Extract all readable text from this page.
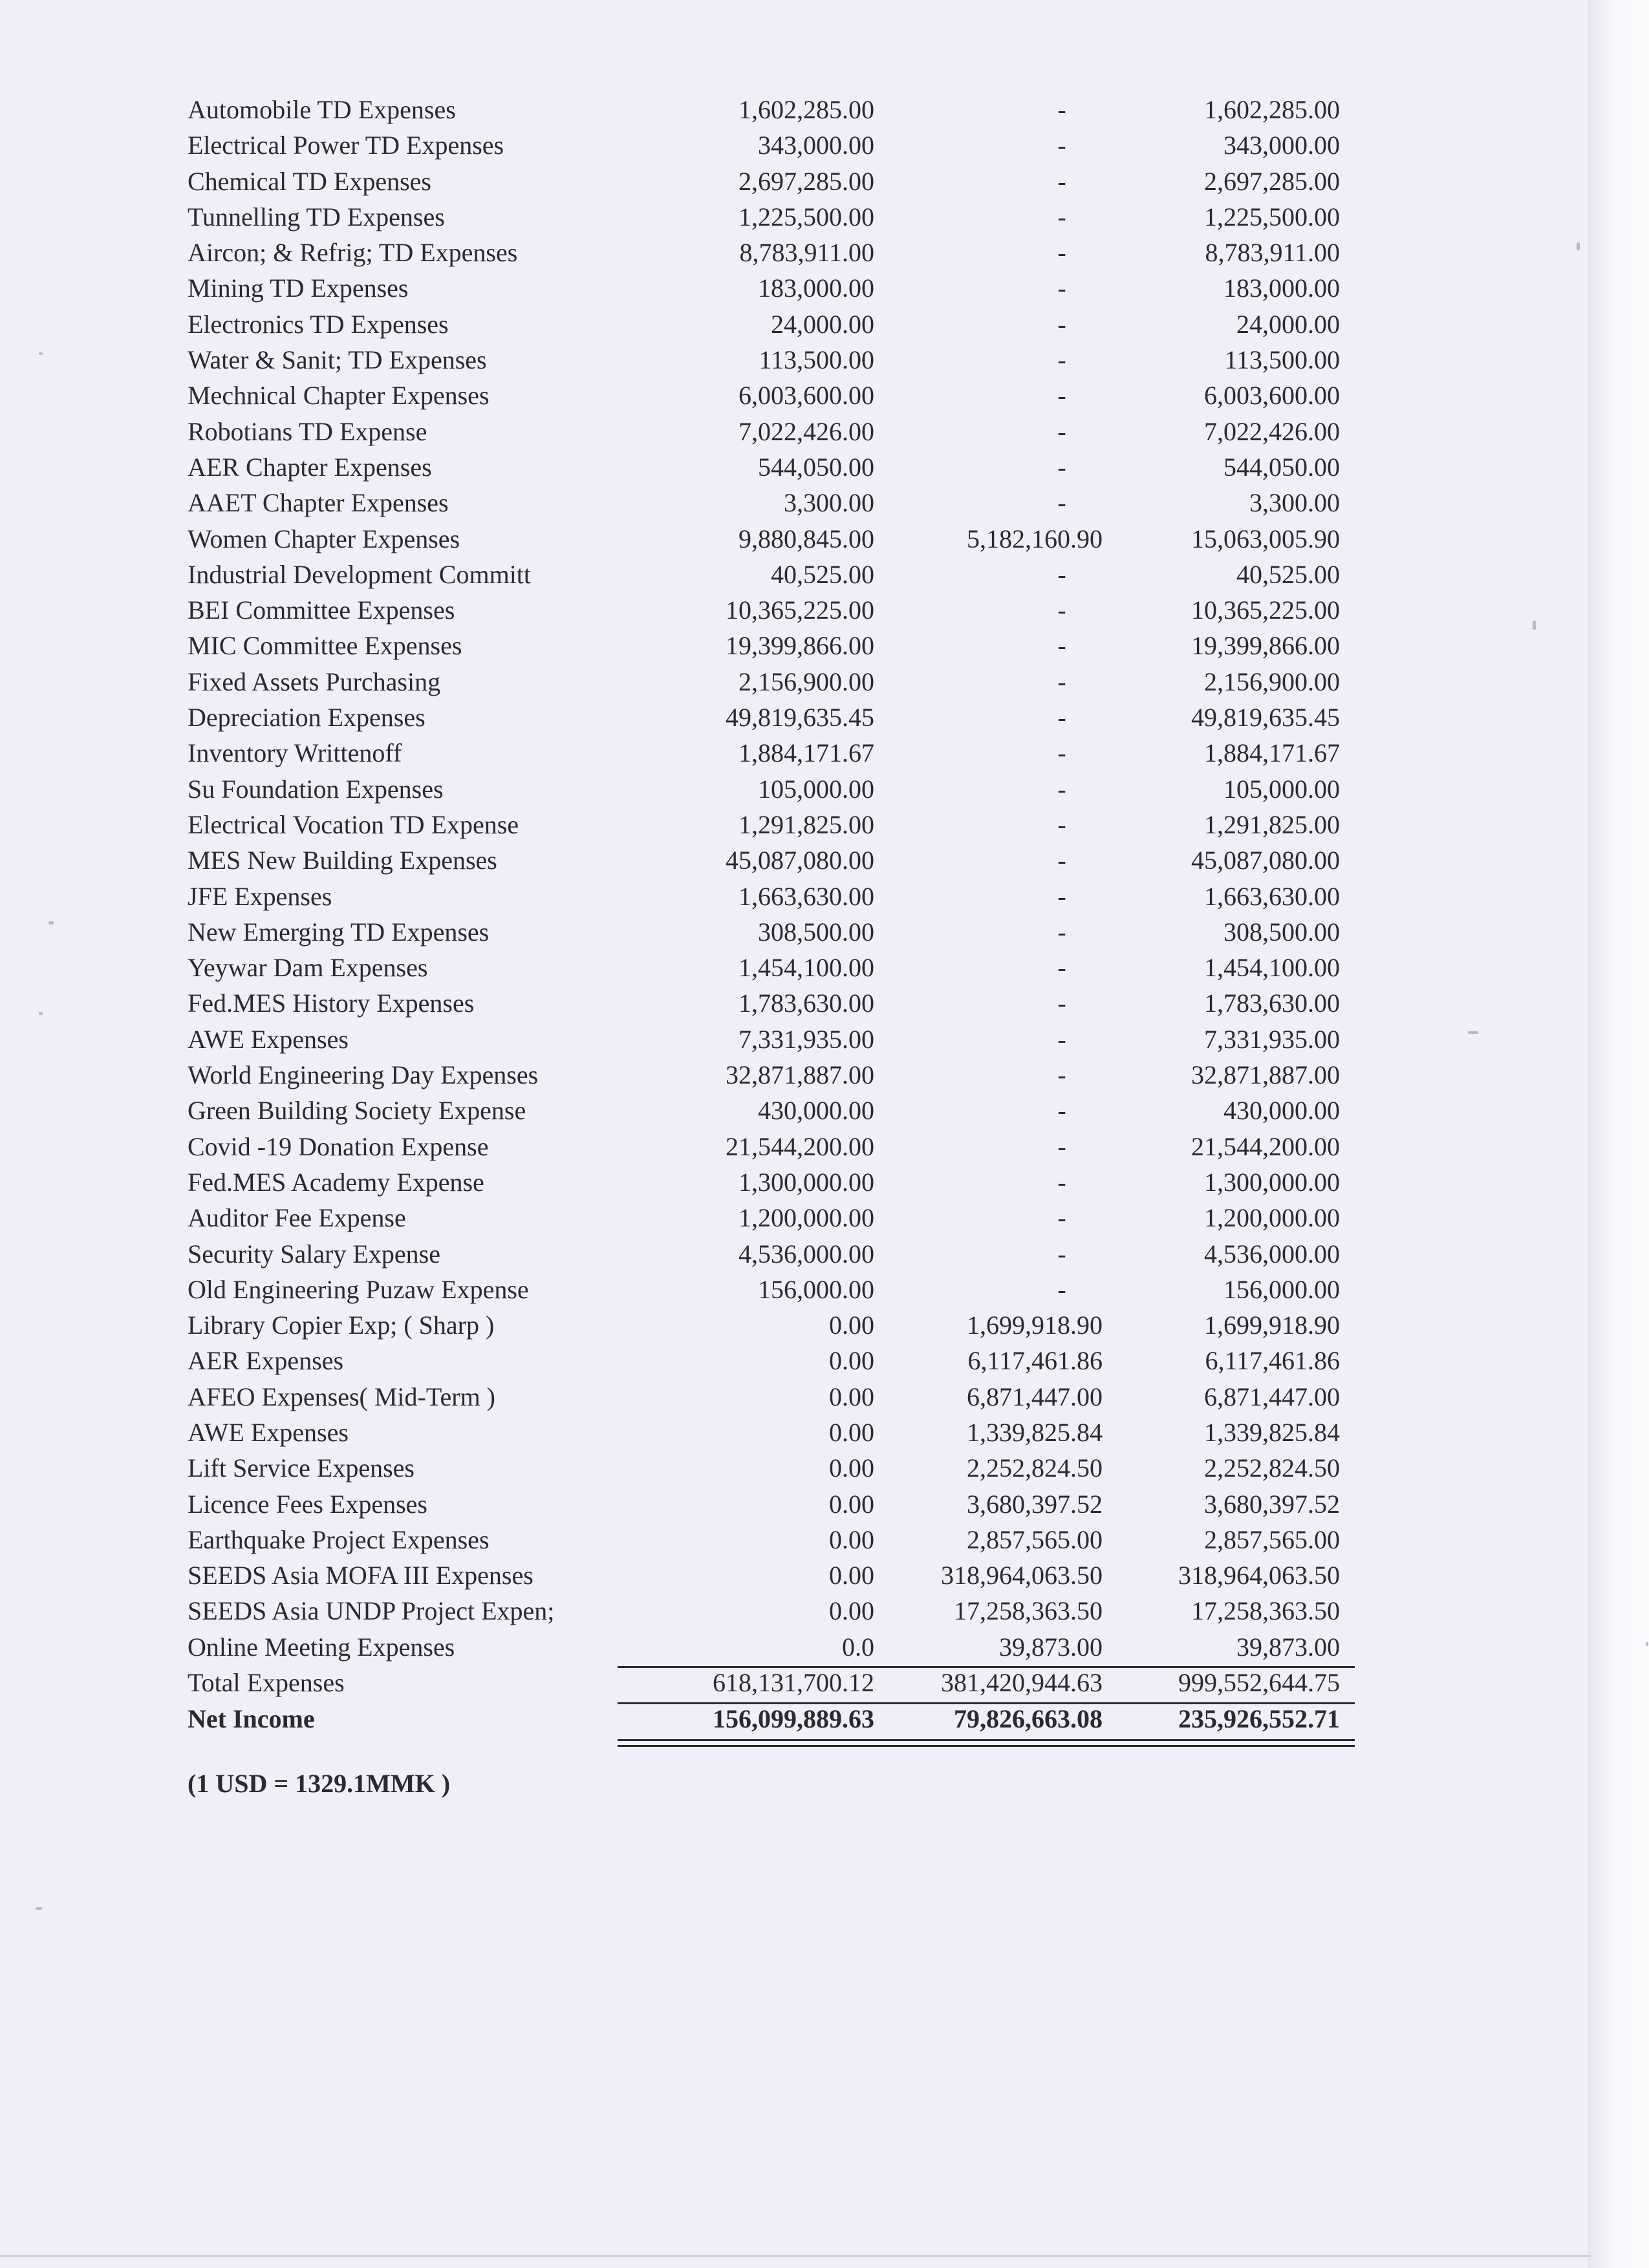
Automobile TD Expenses	1,602,285.00	-	1,602,285.00
Electrical Power TD Expenses	343,000.00	-	343,000.00
Chemical TD Expenses	2,697,285.00	-	2,697,285.00
Tunnelling TD Expenses	1,225,500.00	-	1,225,500.00
Aircon; & Refrig; TD Expenses	8,783,911.00	-	8,783,911.00
Mining TD Expenses	183,000.00	-	183,000.00
Electronics TD Expenses	24,000.00	-	24,000.00
Water & Sanit; TD Expenses	113,500.00	-	113,500.00
Mechnical Chapter Expenses	6,003,600.00	-	6,003,600.00
Robotians TD Expense	7,022,426.00	-	7,022,426.00
AER Chapter Expenses	544,050.00	-	544,050.00
AAET Chapter Expenses	3,300.00	-	3,300.00
Women Chapter Expenses	9,880,845.00	5,182,160.90	15,063,005.90
Industrial Development Committ	40,525.00	-	40,525.00
BEI Committee Expenses	10,365,225.00	-	10,365,225.00
MIC Committee Expenses	19,399,866.00	-	19,399,866.00
Fixed Assets Purchasing	2,156,900.00	-	2,156,900.00
Depreciation Expenses	49,819,635.45	-	49,819,635.45
Inventory Writtenoff	1,884,171.67	-	1,884,171.67
Su Foundation Expenses	105,000.00	-	105,000.00
Electrical Vocation TD Expense	1,291,825.00	-	1,291,825.00
MES New Building Expenses	45,087,080.00	-	45,087,080.00
JFE Expenses	1,663,630.00	-	1,663,630.00
New Emerging TD Expenses	308,500.00	-	308,500.00
Yeywar Dam Expenses	1,454,100.00	-	1,454,100.00
Fed.MES History Expenses	1,783,630.00	-	1,783,630.00
AWE Expenses	7,331,935.00	-	7,331,935.00
World Engineering Day Expenses	32,871,887.00	-	32,871,887.00
Green Building Society Expense	430,000.00	-	430,000.00
Covid -19 Donation Expense	21,544,200.00	-	21,544,200.00
Fed.MES Academy Expense	1,300,000.00	-	1,300,000.00
Auditor Fee Expense	1,200,000.00	-	1,200,000.00
Security Salary Expense	4,536,000.00	-	4,536,000.00
Old Engineering Puzaw Expense	156,000.00	-	156,000.00
Library Copier Exp; ( Sharp )	0.00	1,699,918.90	1,699,918.90
AER Expenses	0.00	6,117,461.86	6,117,461.86
AFEO Expenses( Mid-Term )	0.00	6,871,447.00	6,871,447.00
AWE Expenses	0.00	1,339,825.84	1,339,825.84
Lift Service Expenses	0.00	2,252,824.50	2,252,824.50
Licence Fees Expenses	0.00	3,680,397.52	3,680,397.52
Earthquake Project Expenses	0.00	2,857,565.00	2,857,565.00
SEEDS Asia MOFA III Expenses	0.00	318,964,063.50	318,964,063.50
SEEDS Asia UNDP Project Expen;	0.00	17,258,363.50	17,258,363.50
Online Meeting Expenses	0.0	39,873.00	39,873.00
Total Expenses	618,131,700.12	381,420,944.63	999,552,644.75
Net Income	156,099,889.63	79,826,663.08	235,926,552.71
(1 USD = 1329.1MMK )
